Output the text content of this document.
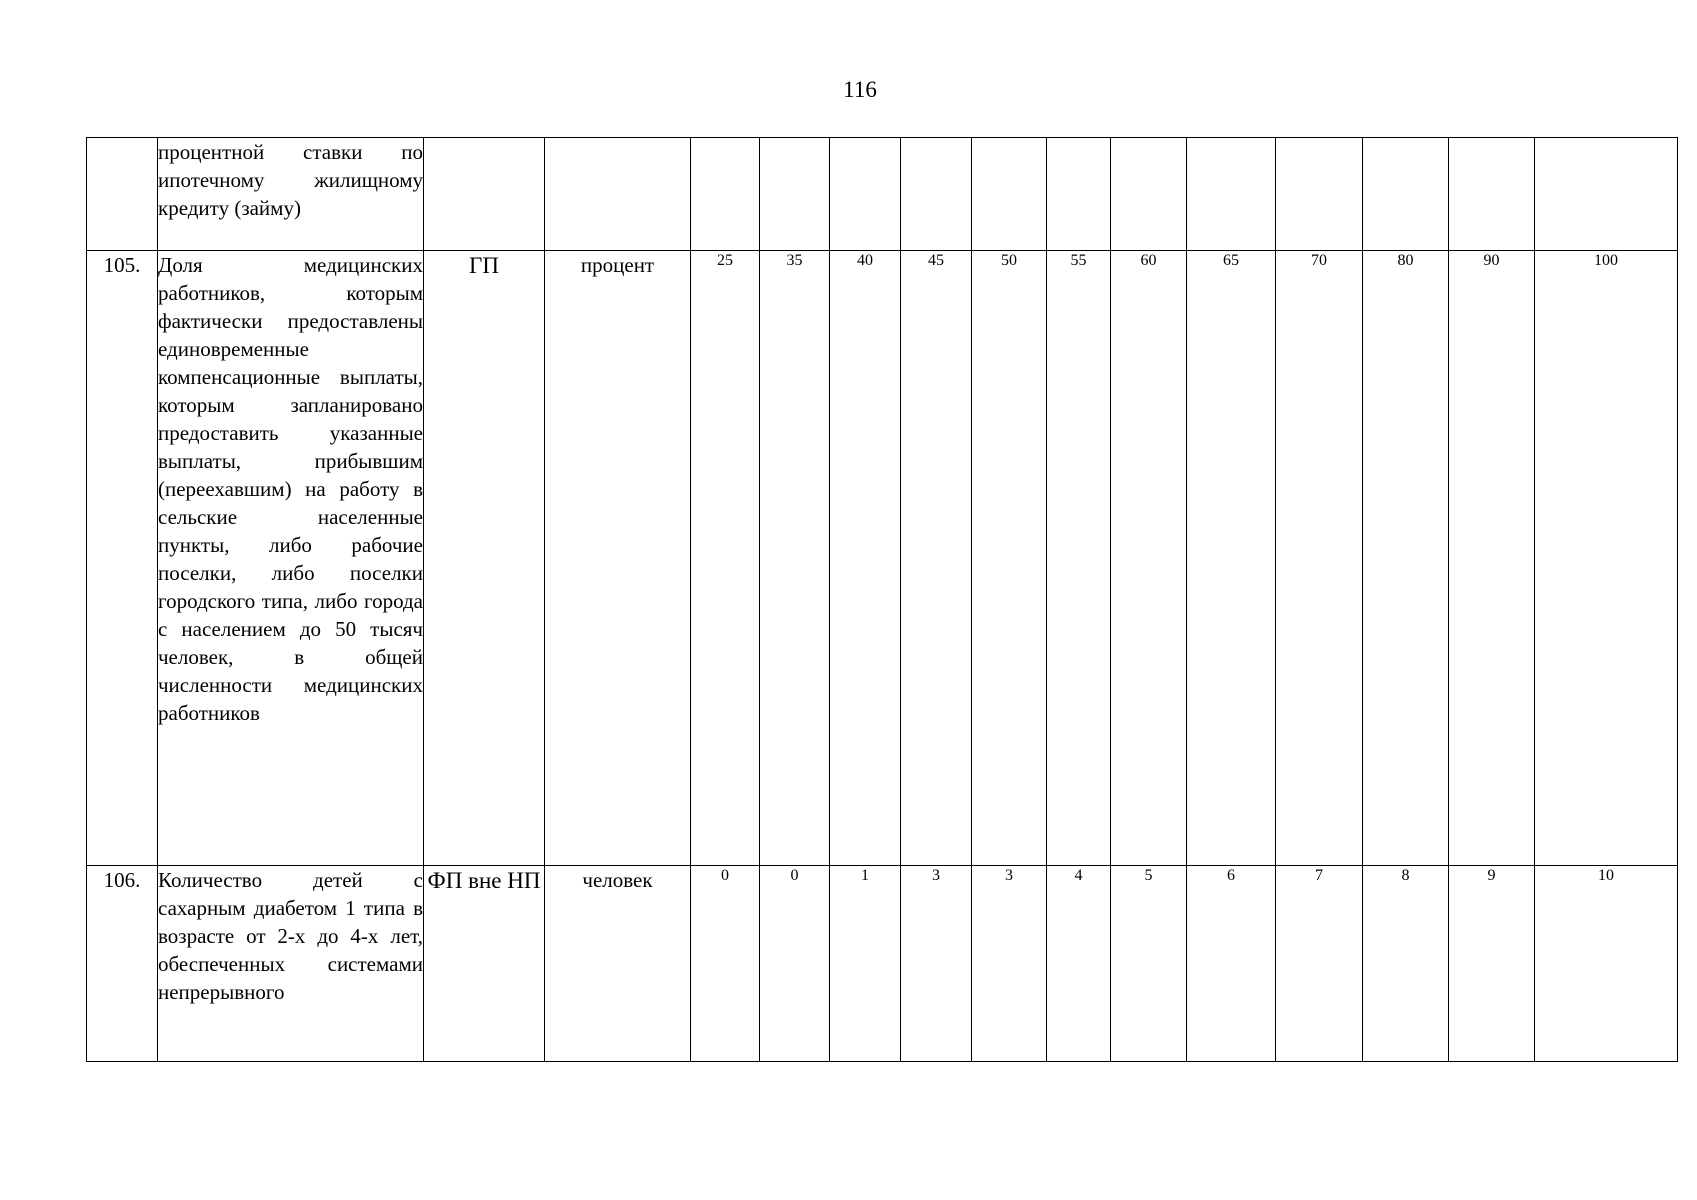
116
	процентной ставки по ипотечному жилищному кредиту (займу)														
105.	Доля медицинских работников, которым фактически предоставлены единовременные компенсационные выплаты, которым запланировано предоставить указанные выплаты, прибывшим (переехавшим) на работу в сельские населенные пункты, либо рабочие поселки, либо поселки городского типа, либо города с населением до 50 тысяч человек, в общей численности медицинских работников	ГП	процент	25	35	40	45	50	55	60	65	70	80	90	100
106.	Количество детей с сахарным диабетом 1 типа в возрасте от 2-х до 4-х лет, обеспеченных системами непрерывного	ФП вне НП	человек	0	0	1	3	3	4	5	6	7	8	9	10
